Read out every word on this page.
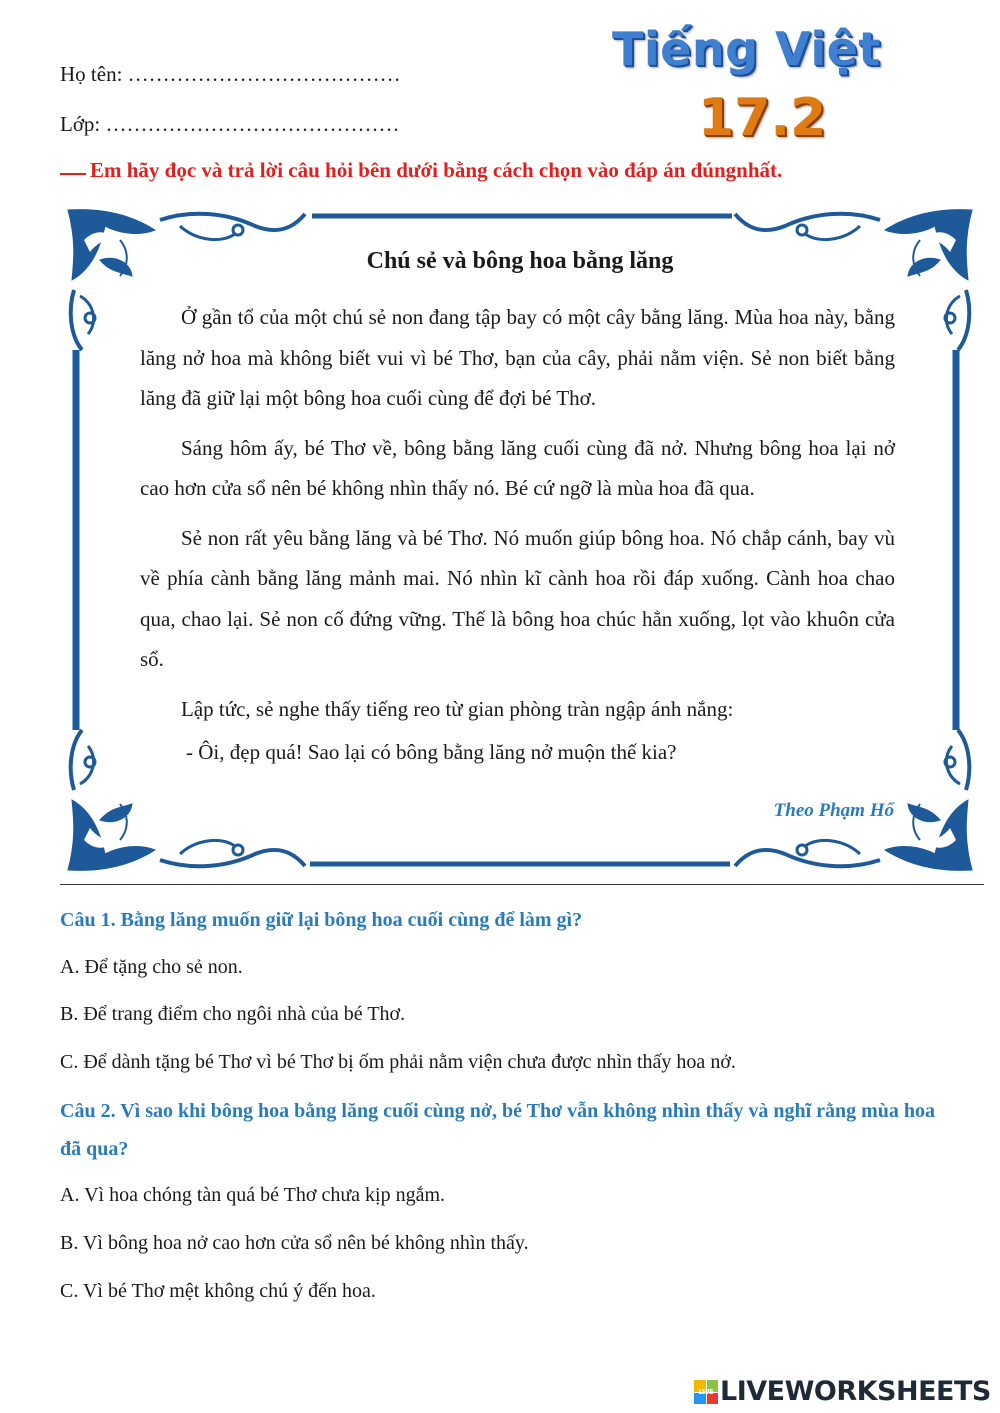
Họ tên: …………………………………
Lớp: ……………………………………
Tiếng Việt
17.2
Em hãy đọc và trả lời câu hỏi bên dưới bằng cách chọn vào đáp án đúngnhất.
Chú sẻ và bông hoa bằng lăng

Ở gần tổ của một chú sẻ non đang tập bay có một cây bằng lăng. Mùa hoa này, bằng lăng nở hoa mà không biết vui vì bé Thơ, bạn của cây, phải nằm viện. Sẻ non biết bằng lăng đã giữ lại một bông hoa cuối cùng để đợi bé Thơ.

Sáng hôm ấy, bé Thơ về, bông bằng lăng cuối cùng đã nở. Nhưng bông hoa lại nở cao hơn cửa sổ nên bé không nhìn thấy nó. Bé cứ ngỡ là mùa hoa đã qua.

Sẻ non rất yêu bằng lăng và bé Thơ. Nó muốn giúp bông hoa. Nó chắp cánh, bay vù về phía cành bằng lăng mảnh mai. Nó nhìn kĩ cành hoa rồi đáp xuống. Cành hoa chao qua, chao lại. Sẻ non cố đứng vững. Thế là bông hoa chúc hẳn xuống, lọt vào khuôn cửa sổ.

Lập tức, sẻ nghe thấy tiếng reo từ gian phòng tràn ngập ánh nắng:

- Ôi, đẹp quá! Sao lại có bông bằng lăng nở muộn thế kia?

Theo Phạm Hổ
Câu 1. Bằng lăng muốn giữ lại bông hoa cuối cùng để làm gì?
A. Để tặng cho sẻ non.
B. Để trang điểm cho ngôi nhà của bé Thơ.
C. Để dành tặng bé Thơ vì bé Thơ bị ốm phải nằm viện chưa được nhìn thấy hoa nở.
Câu 2. Vì sao khi bông hoa bằng lăng cuối cùng nở, bé Thơ vẫn không nhìn thấy và nghĩ rằng mùa hoa đã qua?
A. Vì hoa chóng tàn quá bé Thơ chưa kịp ngắm.
B. Vì bông hoa nở cao hơn cửa sổ nên bé không nhìn thấy.
C. Vì bé Thơ mệt không chú ý đến hoa.
LWS LIVEWORKSHEETS
